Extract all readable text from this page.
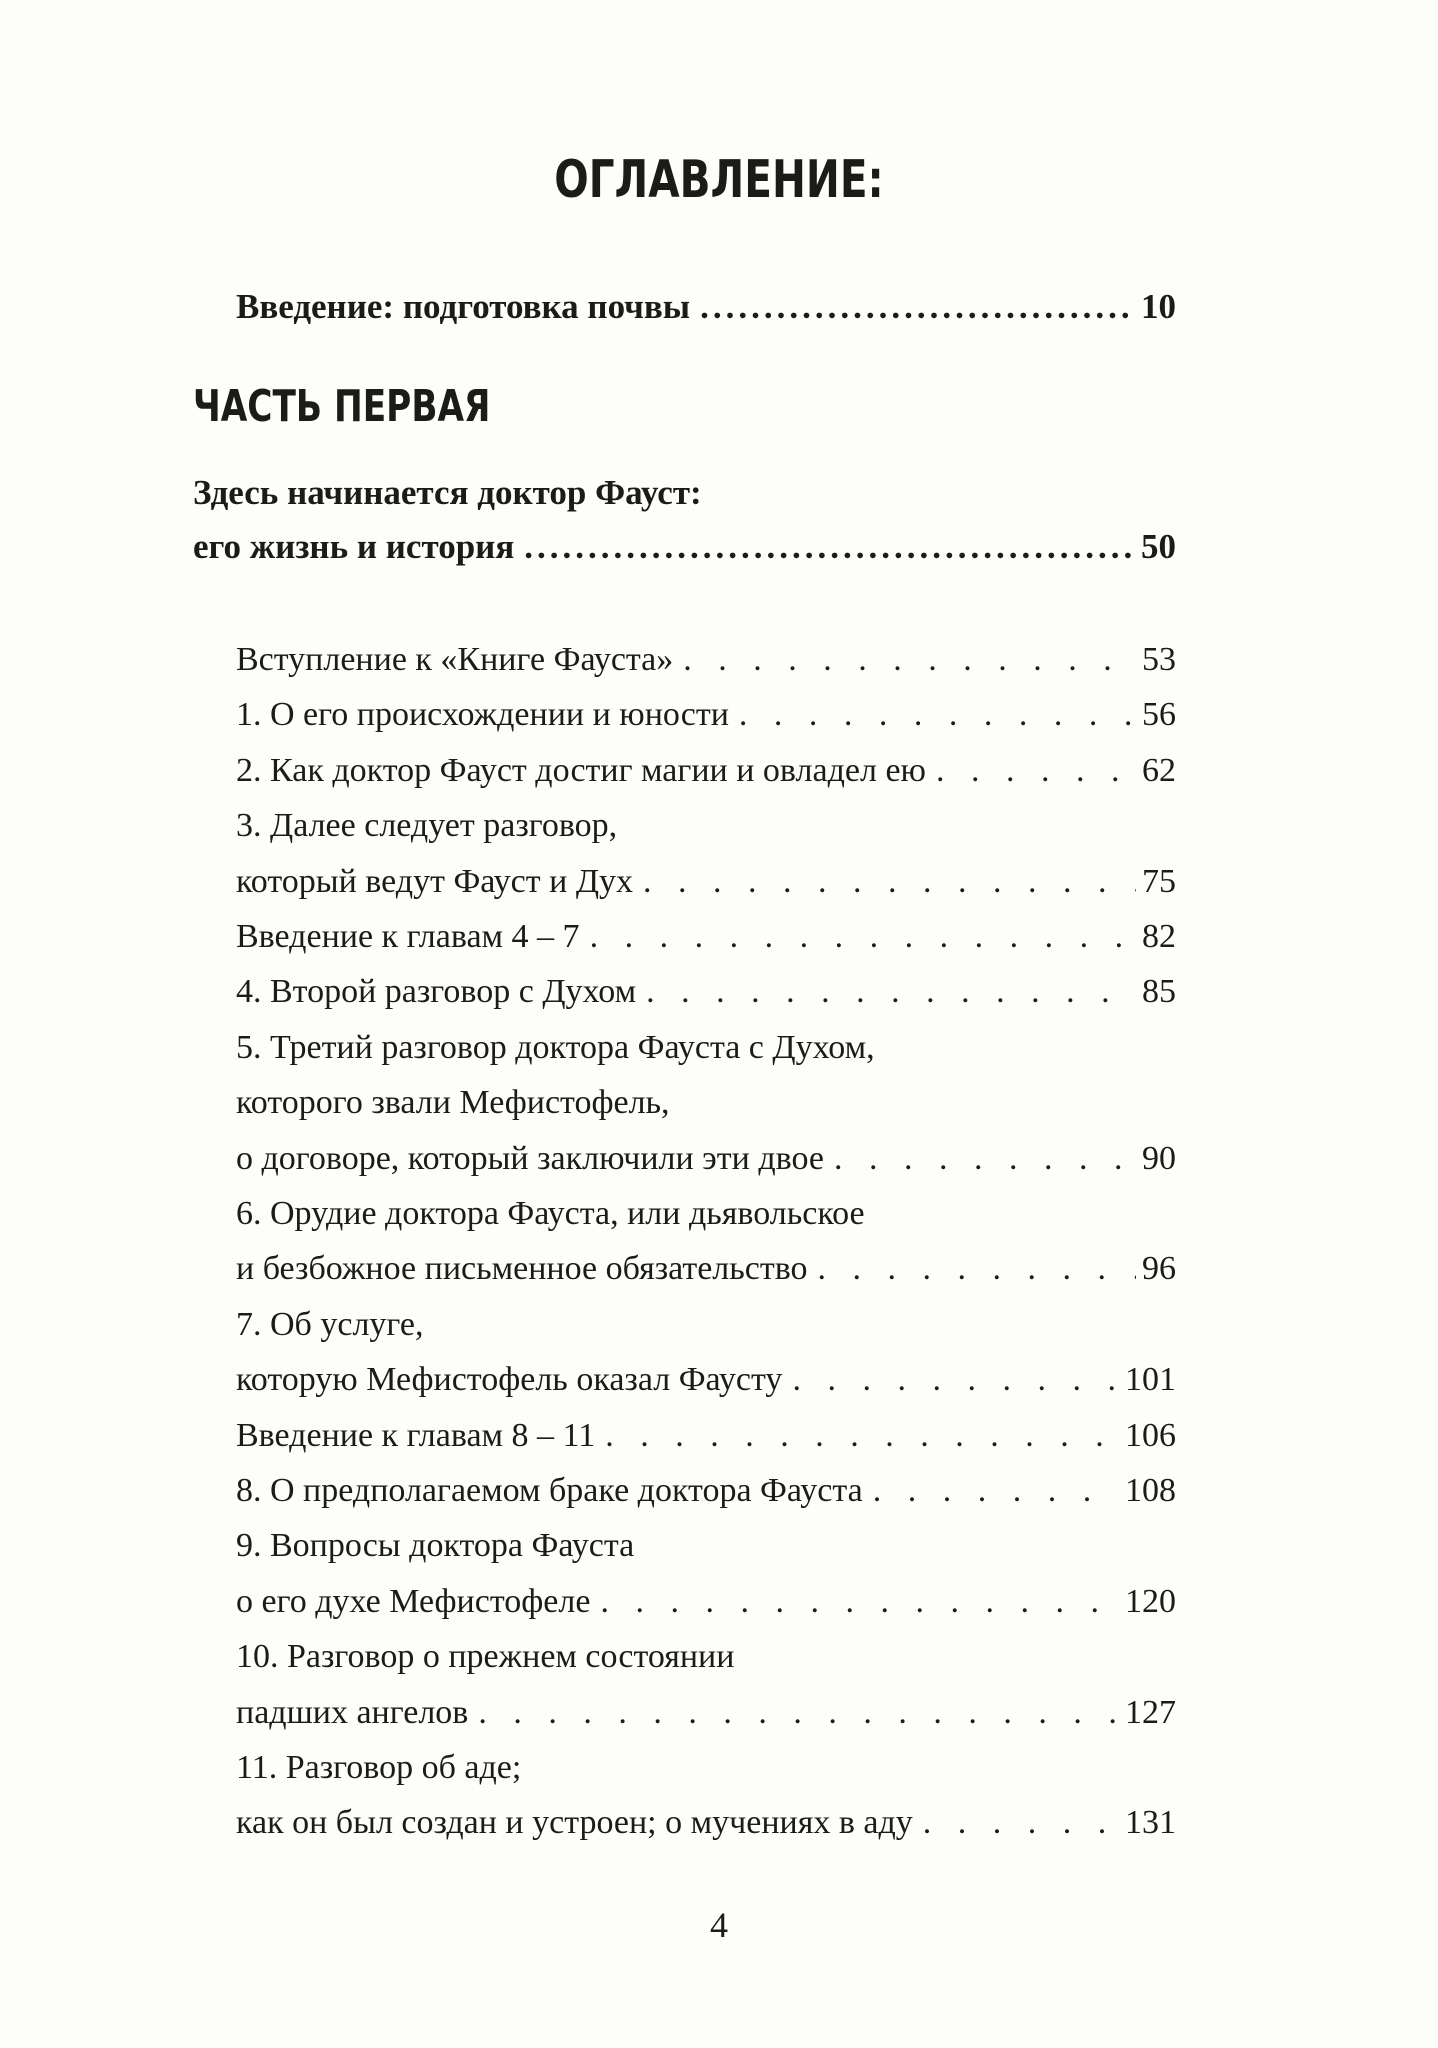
ОГЛАВЛЕНИЕ:
Введение: подготовка почвы .....	10
ЧАСТЬ ПЕРВАЯ
Здесь начинается доктор Фауст:
его жизнь и история .....	50
Вступление к «Книге Фауста» . . .	53
1. О его происхождении и юности . . .	56
2. Как доктор Фауст достиг магии и овладел ею . . .	62
3. Далее следует разговор,
который ведут Фауст и Дух . . .	75
Введение к главам 4 – 7 . . .	82
4. Второй разговор с Духом . . .	85
5. Третий разговор доктора Фауста с Духом,
которого звали Мефистофель,
о договоре, который заключили эти двое . . .	90
6. Орудие доктора Фауста, или дьявольское
и безбожное письменное обязательство . . .	96
7. Об услуге,
которую Мефистофель оказал Фаусту . . .	101
Введение к главам 8 – 11 . . .	106
8. О предполагаемом браке доктора Фауста . . .	108
9. Вопросы доктора Фауста
о его духе Мефистофеле . . .	120
10. Разговор о прежнем состоянии
падших ангелов . . .	127
11. Разговор об аде;
как он был создан и устроен; о мучениях в аду . . .	131
4
